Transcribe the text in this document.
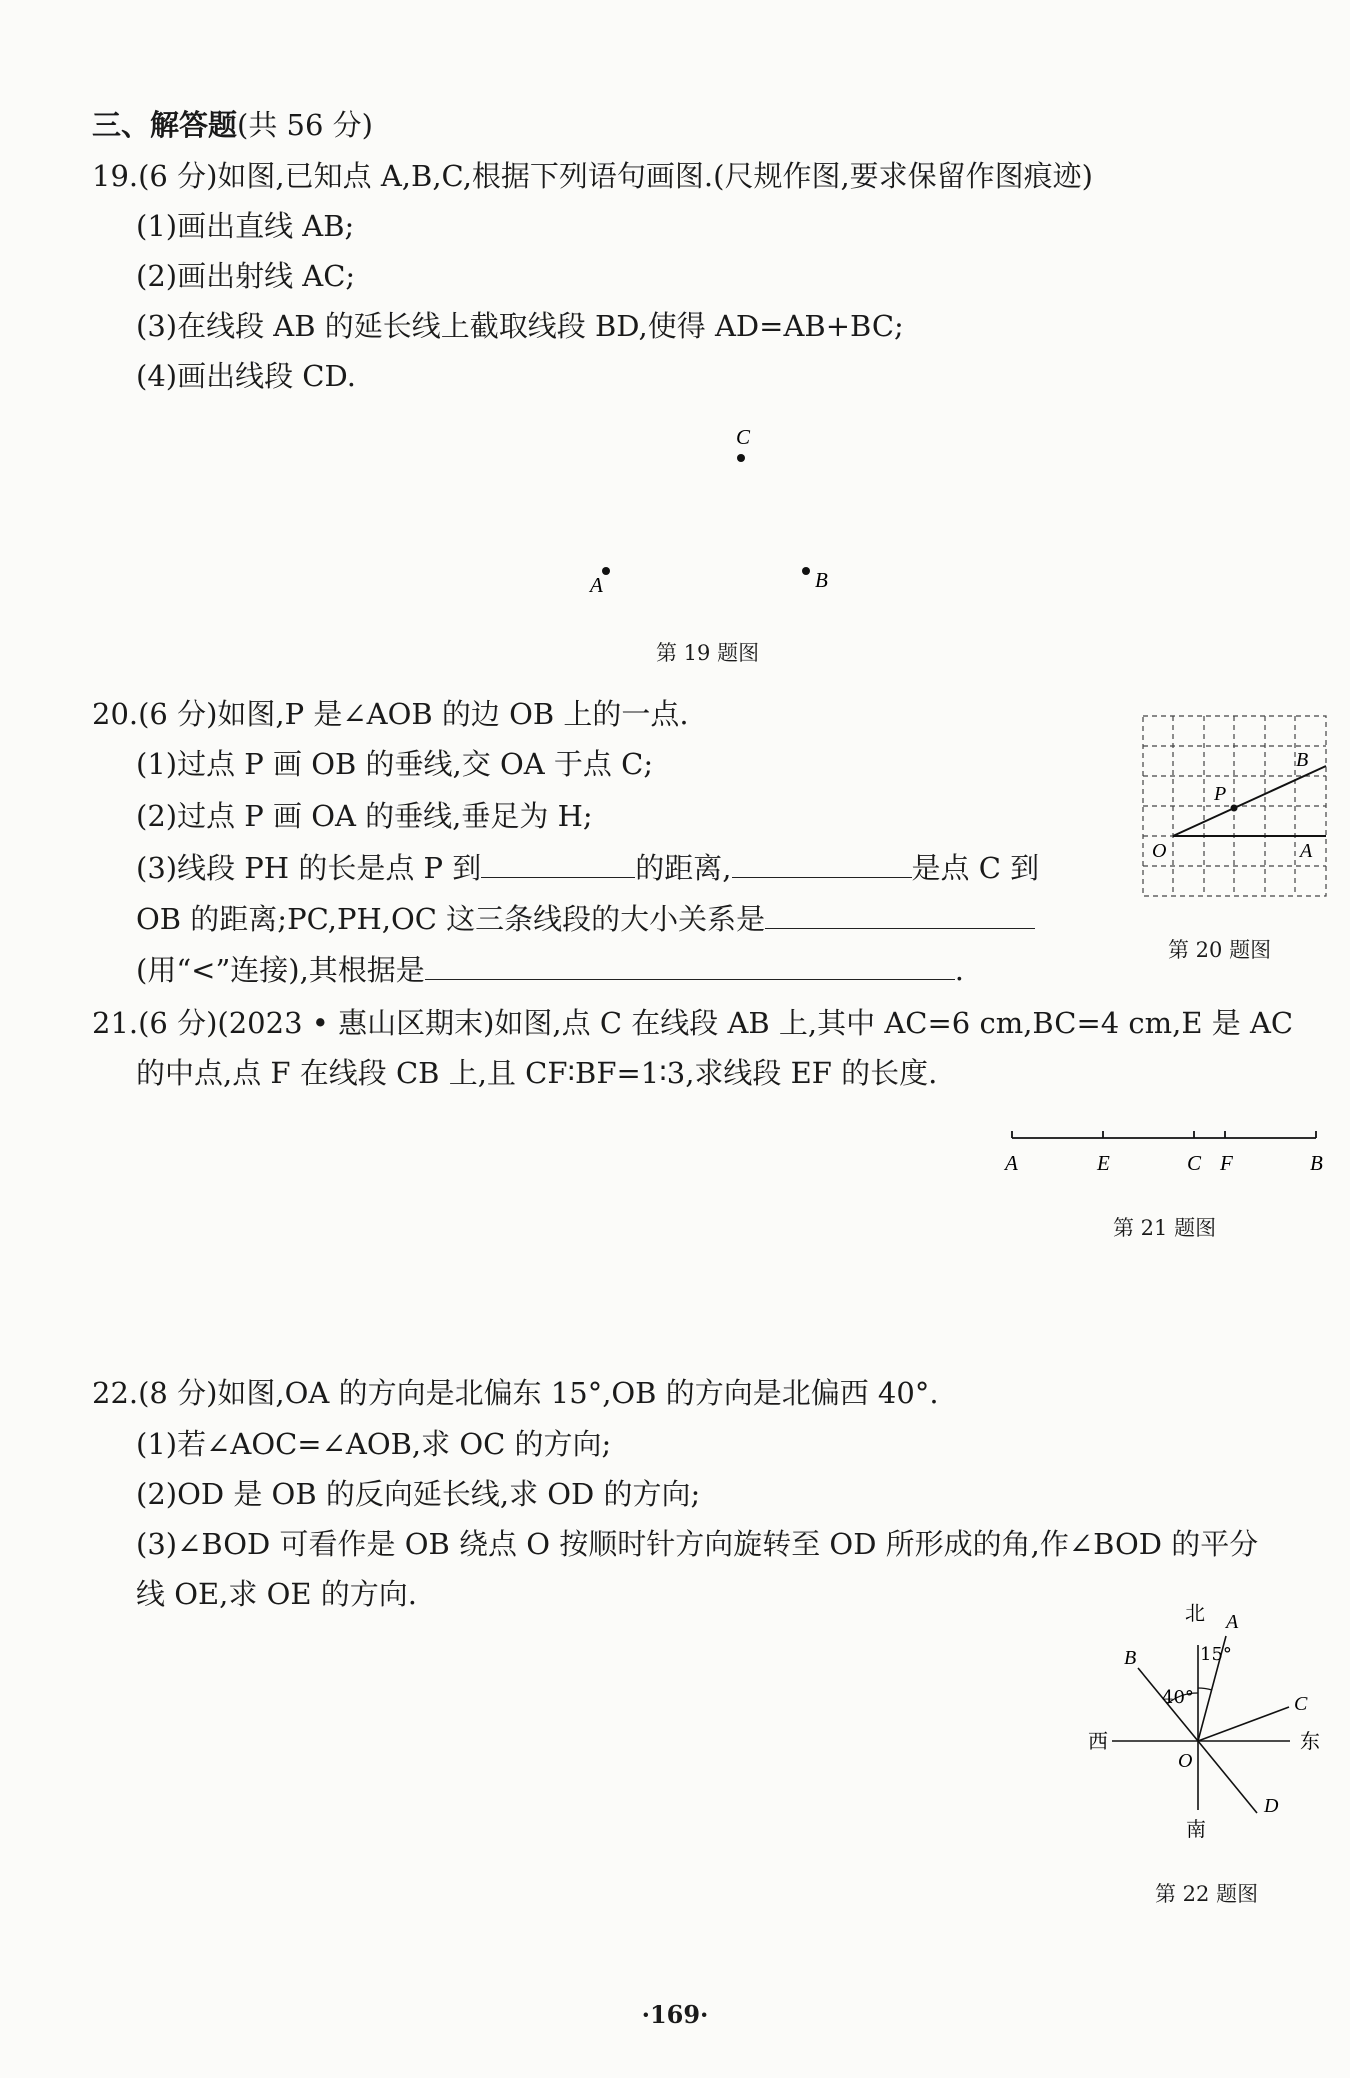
三、解答题(共 56 分)
19.(6 分)如图,已知点 A,B,C,根据下列语句画图.(尺规作图,要求保留作图痕迹)
(1)画出直线 AB;
(2)画出射线 AC;
(3)在线段 AB 的延长线上截取线段 BD,使得 AD=AB+BC;
(4)画出线段 CD.
A	B
C
第 19 题图
20.(6 分)如图,P 是∠AOB 的边 OB 上的一点.
(1)过点 P 画 OB 的垂线,交 OA 于点 C;
(2)过点 P 画 OA 的垂线,垂足为 H;
(3)线段 PH 的长是点 P 到	的距离,	是点 C 到
OB 的距离;PC,PH,OC 这三条线段的大小关系是
(用“<”连接),其根据是	.
B
P
O	A
第 20 题图
21.(6 分)(2023 • 惠山区期末)如图,点 C 在线段 AB 上,其中 AC=6 cm,BC=4 cm,E 是 AC
的中点,点 F 在线段 CB 上,且 CF∶BF=1∶3,求线段 EF 的长度.
A	E	C F	B
第 21 题图
22.(8 分)如图,OA 的方向是北偏东 15°,OB 的方向是北偏西 40°.
(1)若∠AOC=∠AOB,求 OC 的方向;
(2)OD 是 OB 的反向延长线,求 OD 的方向;
(3)∠BOD 可看作是 OB 绕点 O 按顺时针方向旋转至 OD 所形成的角,作∠BOD 的平分
线 OE,求 OE 的方向.
北
南
西	东
A
B
C
D
O
15°
40°
第 22 题图
·169·
